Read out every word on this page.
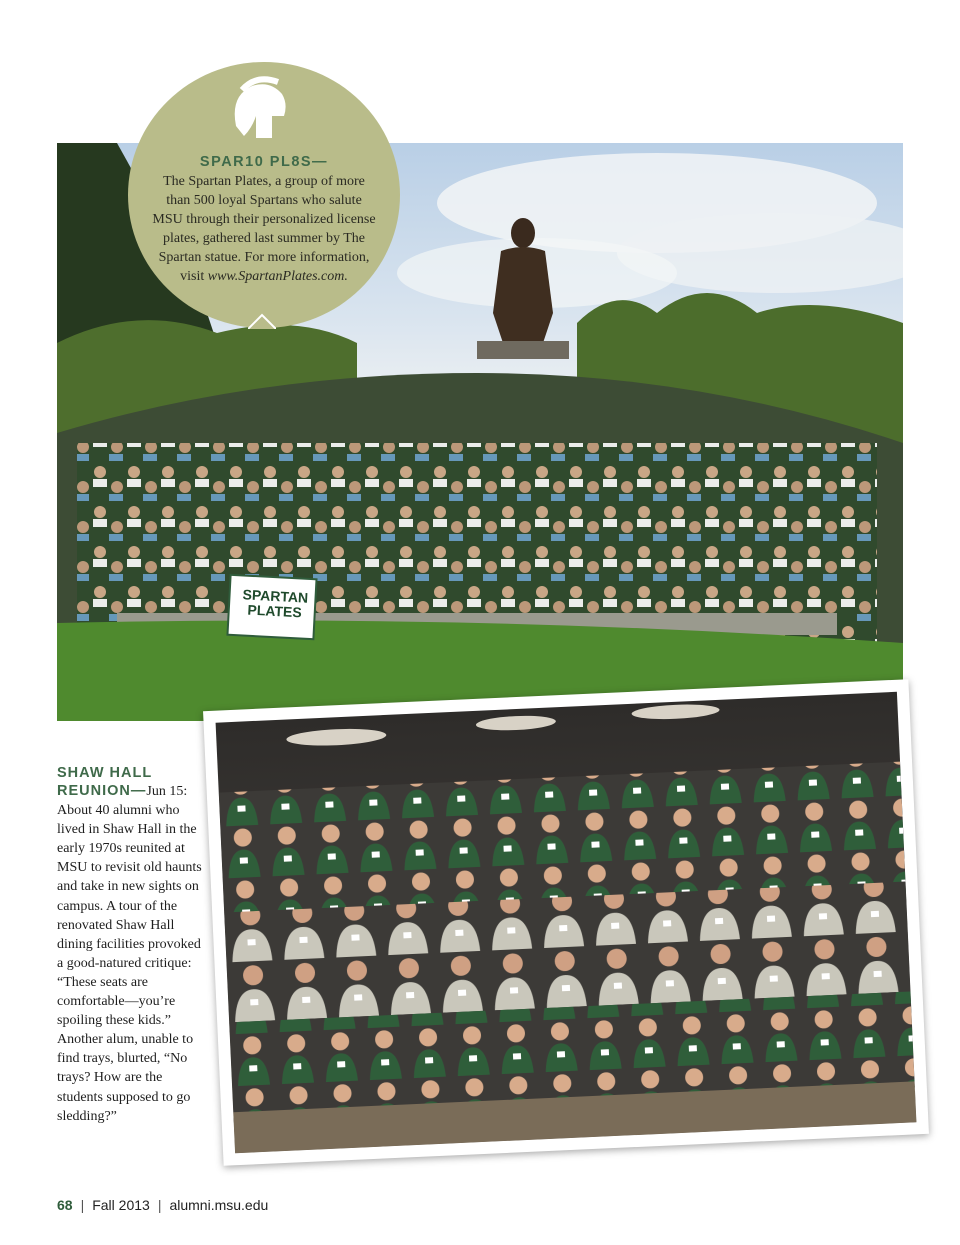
SPARTAN
PLATES
SPAR10 PL8S—
The Spartan Plates, a group of more than 500 loyal Spartans who salute MSU through their personalized license plates, gathered last summer by The Spartan statue. For more information, visit www.SpartanPlates.com.
SHAW HALL
REUNION—Jun 15: About 40 alumni who lived in Shaw Hall in the early 1970s reunited at MSU to revisit old haunts and take in new sights on campus. A tour of the renovated Shaw Hall dining facilities provoked a good-natured critique: “These seats are comfortable—you’re spoiling these kids.” Another alum, unable to find trays, blurted, “No trays? How are the students supposed to go sledding?”
68 | Fall 2013 | alumni.msu.edu
